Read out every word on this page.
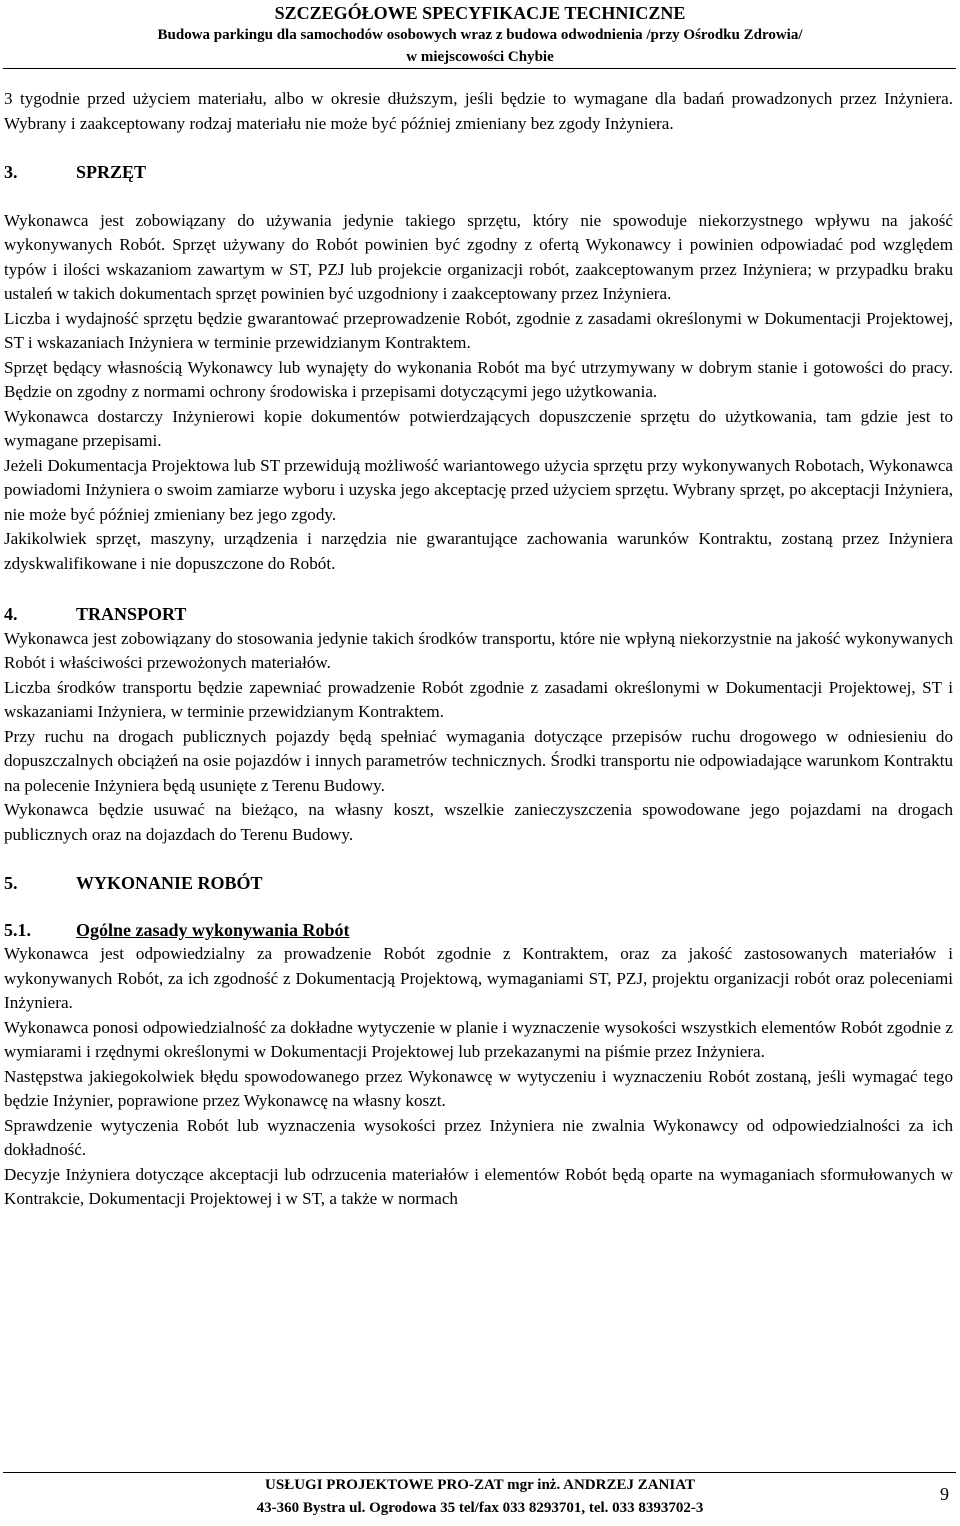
SZCZEGÓŁOWE SPECYFIKACJE TECHNICZNE
Budowa parkingu dla samochodów osobowych wraz z budowa odwodnienia /przy Ośrodku Zdrowia/
w miejscowości Chybie

3 tygodnie przed użyciem materiału, albo w okresie dłuższym, jeśli będzie to wymagane dla badań prowadzonych przez Inżyniera. Wybrany i zaakceptowany rodzaj materiału nie może być później zmieniany bez zgody Inżyniera.

3.	SPRZĘT

Wykonawca jest zobowiązany do używania jedynie takiego sprzętu, który nie spowoduje niekorzystnego wpływu na jakość wykonywanych Robót. Sprzęt używany do Robót powinien być zgodny z ofertą Wykonawcy i powinien odpowiadać pod względem typów i ilości wskazaniom zawartym w ST, PZJ lub projekcie organizacji robót, zaakceptowanym przez Inżyniera; w przypadku braku ustaleń w takich dokumentach sprzęt powinien być uzgodniony i zaakceptowany przez Inżyniera.

Liczba i wydajność sprzętu będzie gwarantować przeprowadzenie Robót, zgodnie z zasadami określonymi w Dokumentacji Projektowej, ST i wskazaniach Inżyniera w terminie przewidzianym Kontraktem.

Sprzęt będący własnością Wykonawcy lub wynajęty do wykonania Robót ma być utrzymywany w dobrym stanie i gotowości do pracy. Będzie on zgodny z normami ochrony środowiska i przepisami dotyczącymi jego użytkowania.

Wykonawca dostarczy Inżynierowi kopie dokumentów potwierdzających dopuszczenie sprzętu do użytkowania, tam gdzie jest to wymagane przepisami.

Jeżeli Dokumentacja Projektowa lub ST przewidują możliwość wariantowego użycia sprzętu przy wykonywanych Robotach, Wykonawca powiadomi Inżyniera o swoim zamiarze wyboru i uzyska jego akceptację przed użyciem sprzętu. Wybrany sprzęt, po akceptacji Inżyniera, nie może być później zmieniany bez jego zgody.

Jakikolwiek sprzęt, maszyny, urządzenia i narzędzia nie gwarantujące zachowania warunków Kontraktu, zostaną przez Inżyniera zdyskwalifikowane i nie dopuszczone do Robót.

4.	TRANSPORT

Wykonawca jest zobowiązany do stosowania jedynie takich środków transportu, które nie wpłyną niekorzystnie na jakość wykonywanych Robót i właściwości przewożonych materiałów.

Liczba środków transportu będzie zapewniać prowadzenie Robót zgodnie z zasadami określonymi w Dokumentacji Projektowej, ST i wskazaniami Inżyniera, w terminie przewidzianym Kontraktem.

Przy ruchu na drogach publicznych pojazdy będą spełniać wymagania dotyczące przepisów ruchu drogowego w odniesieniu do dopuszczalnych obciążeń na osie pojazdów i innych parametrów technicznych. Środki transportu nie odpowiadające warunkom Kontraktu na polecenie Inżyniera będą usunięte z Terenu Budowy.

Wykonawca będzie usuwać na bieżąco, na własny koszt, wszelkie zanieczyszczenia spowodowane jego pojazdami na drogach publicznych oraz na dojazdach do Terenu Budowy.

5.	WYKONANIE ROBÓT
5.1.	Ogólne zasady wykonywania Robót

Wykonawca jest odpowiedzialny za prowadzenie Robót zgodnie z Kontraktem, oraz za jakość zastosowanych materiałów i wykonywanych Robót, za ich zgodność z Dokumentacją Projektową, wymaganiami ST, PZJ, projektu organizacji robót oraz poleceniami Inżyniera.

Wykonawca ponosi odpowiedzialność za dokładne wytyczenie w planie i wyznaczenie wysokości wszystkich elementów Robót zgodnie z wymiarami i rzędnymi określonymi w Dokumentacji Projektowej lub przekazanymi na piśmie przez Inżyniera.

Następstwa jakiegokolwiek błędu spowodowanego przez Wykonawcę w wytyczeniu i wyznaczeniu Robót zostaną, jeśli wymagać tego będzie Inżynier, poprawione przez Wykonawcę na własny koszt.

Sprawdzenie wytyczenia Robót lub wyznaczenia wysokości przez Inżyniera nie zwalnia Wykonawcy od odpowiedzialności za ich dokładność.

Decyzje Inżyniera dotyczące akceptacji lub odrzucenia materiałów i elementów Robót będą oparte na wymaganiach sformułowanych w Kontrakcie, Dokumentacji Projektowej i w ST, a także w normach

USŁUGI PROJEKTOWE PRO-ZAT mgr inż. ANDRZEJ ZANIAT
43-360 Bystra ul. Ogrodowa 35 tel/fax 033 8293701, tel. 033 8393702-3
9
